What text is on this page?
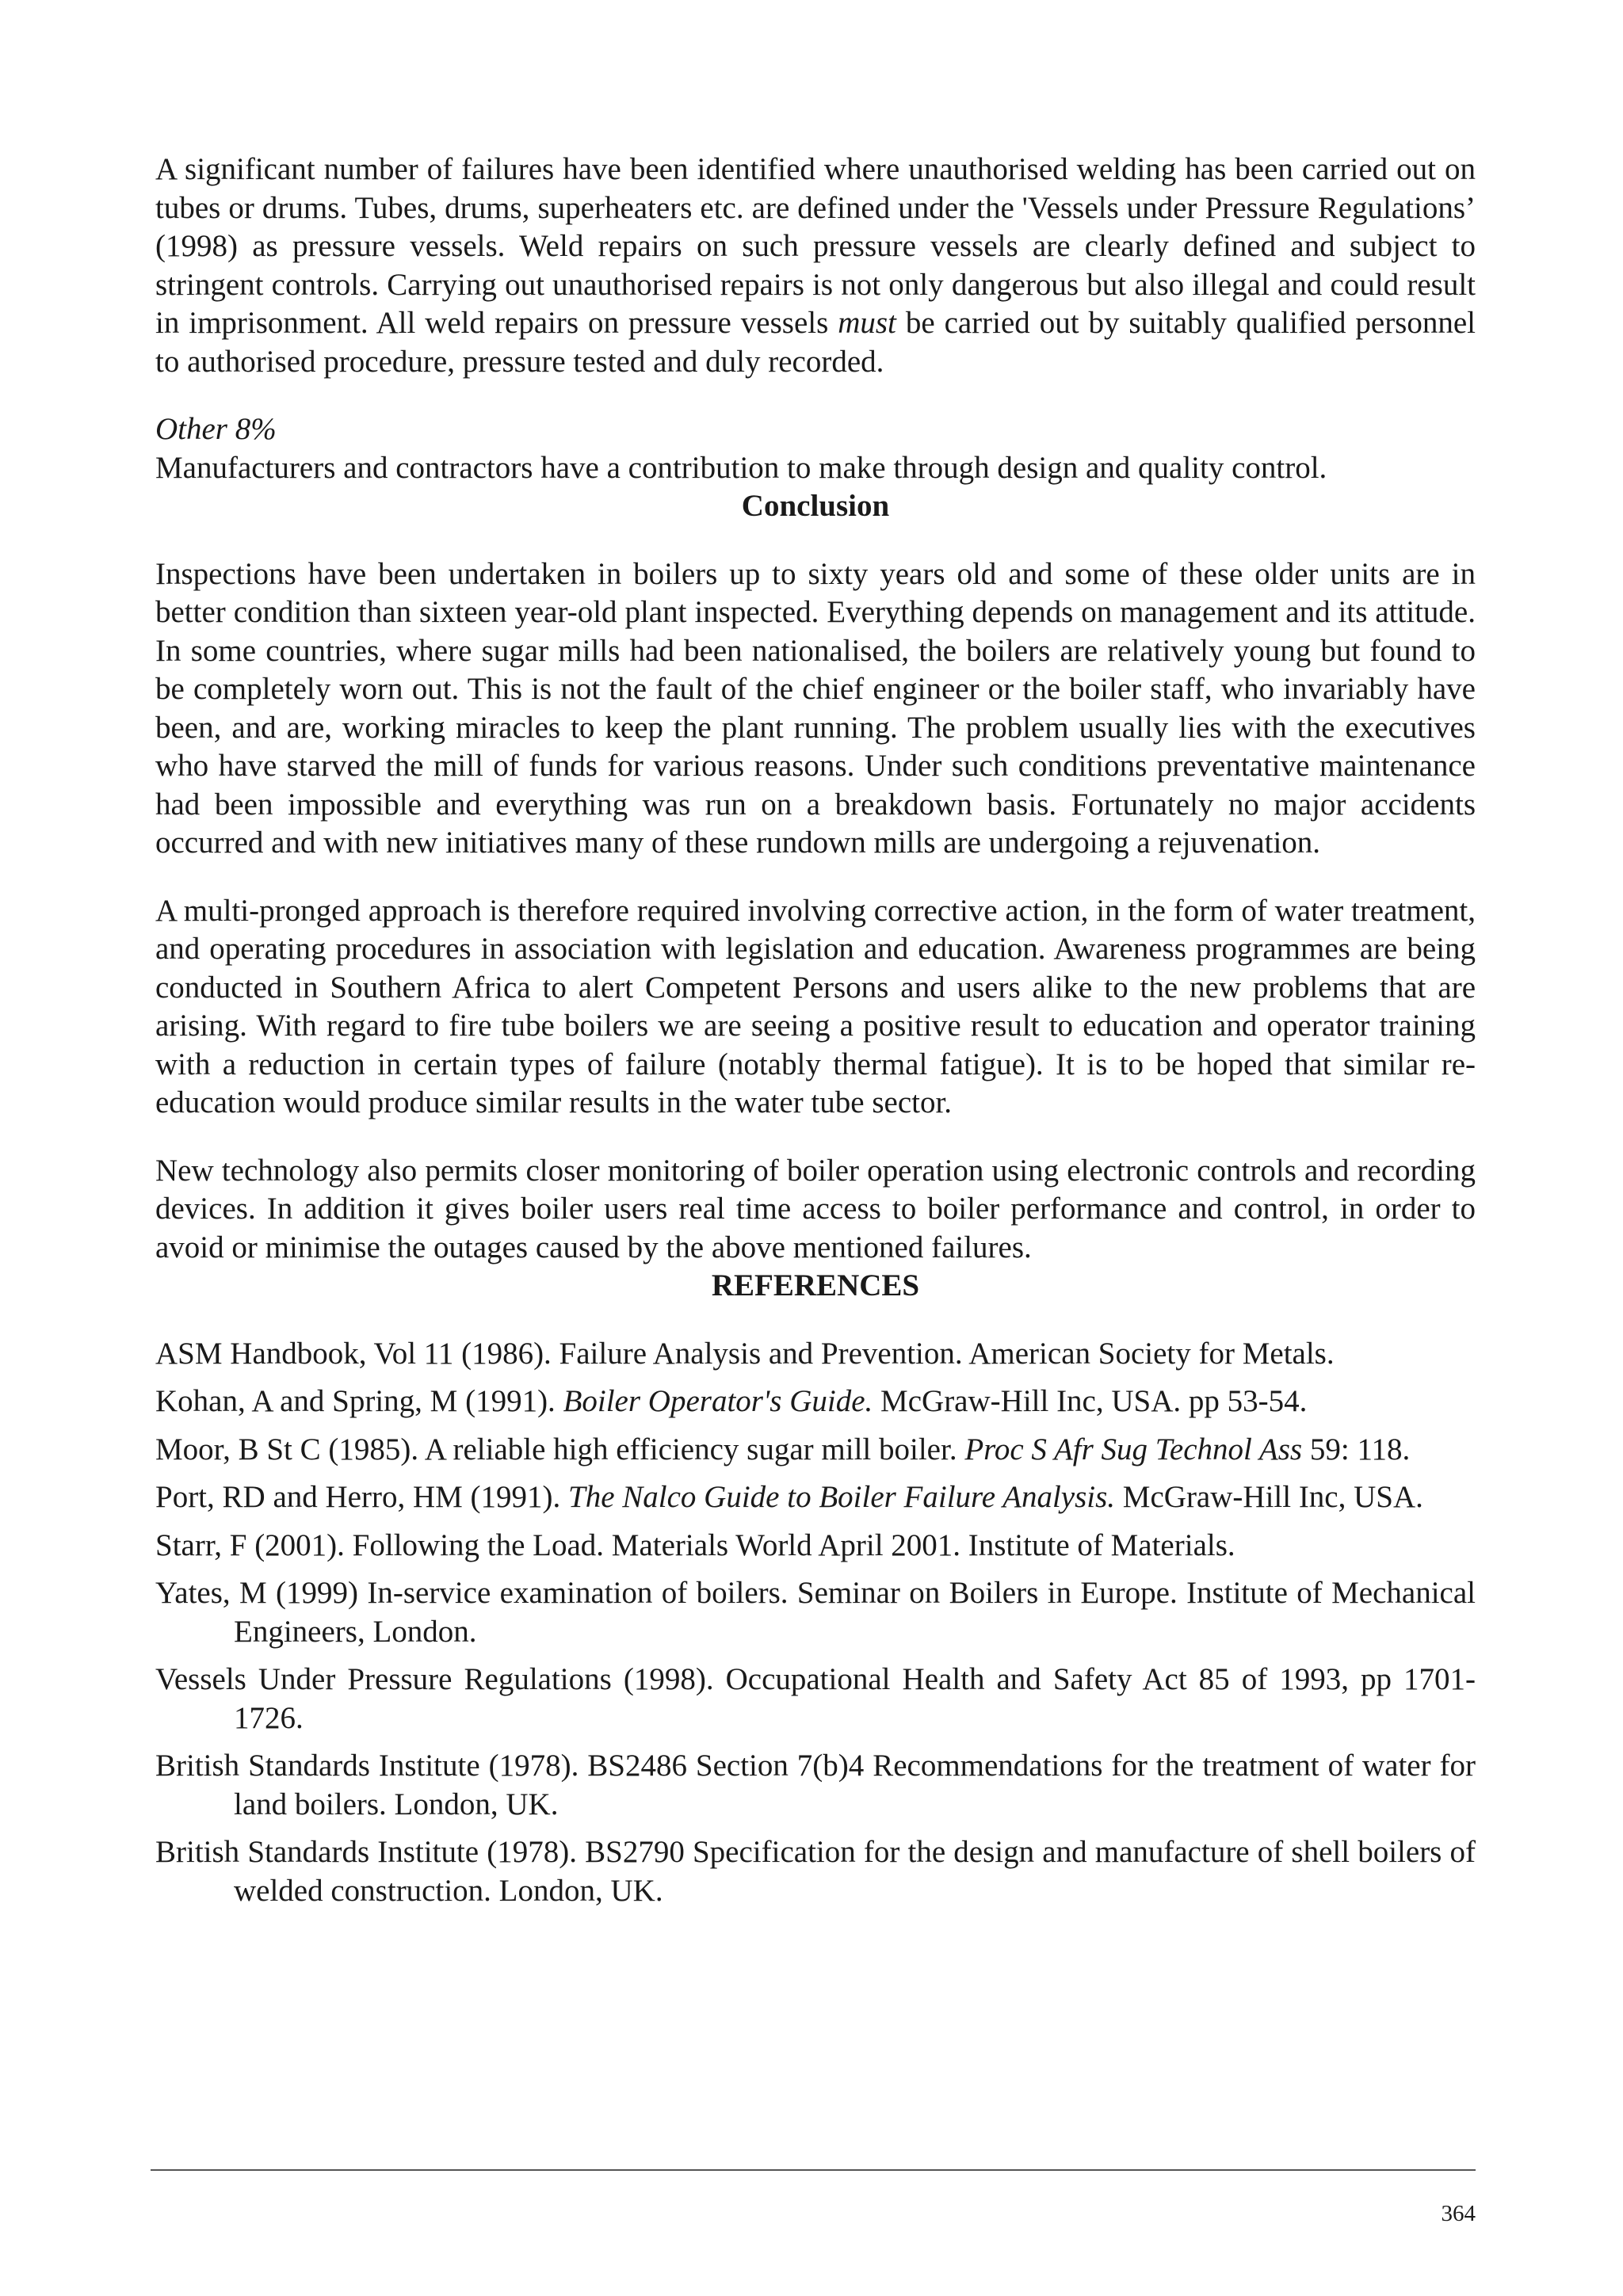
A significant number of failures have been identified where unauthorised welding has been carried out on tubes or drums. Tubes, drums, superheaters etc. are defined under the 'Vessels under Pressure Regulations’ (1998) as pressure vessels. Weld repairs on such pressure vessels are clearly defined and subject to stringent controls. Carrying out unauthorised repairs is not only dangerous but also illegal and could result in imprisonment. All weld repairs on pressure vessels must be carried out by suitably qualified personnel to authorised procedure, pressure tested and duly recorded.

Other 8%

Manufacturers and contractors have a contribution to make through design and quality control.

Conclusion

Inspections have been undertaken in boilers up to sixty years old and some of these older units are in better condition than sixteen year-old plant inspected. Everything depends on management and its attitude. In some countries, where sugar mills had been nationalised, the boilers are relatively young but found to be completely worn out. This is not the fault of the chief engineer or the boiler staff, who invariably have been, and are, working miracles to keep the plant running. The problem usually lies with the executives who have starved the mill of funds for various reasons. Under such conditions preventative maintenance had been impossible and everything was run on a breakdown basis. Fortunately no major accidents occurred and with new initiatives many of these rundown mills are undergoing a rejuvenation.

A multi-pronged approach is therefore required involving corrective action, in the form of water treatment, and operating procedures in association with legislation and education. Awareness programmes are being conducted in Southern Africa to alert Competent Persons and users alike to the new problems that are arising. With regard to fire tube boilers we are seeing a positive result to education and operator training with a reduction in certain types of failure (notably thermal fatigue). It is to be hoped that similar re-education would produce similar results in the water tube sector.

New technology also permits closer monitoring of boiler operation using electronic controls and recording devices. In addition it gives boiler users real time access to boiler performance and control, in order to avoid or minimise the outages caused by the above mentioned failures.

REFERENCES

ASM Handbook, Vol 11 (1986). Failure Analysis and Prevention. American Society for Metals.

Kohan, A and Spring, M (1991). Boiler Operator's Guide. McGraw-Hill Inc, USA. pp 53-54.

Moor, B St C (1985). A reliable high efficiency sugar mill boiler. Proc S Afr Sug Technol Ass 59: 118.

Port, RD and Herro, HM (1991). The Nalco Guide to Boiler Failure Analysis. McGraw-Hill Inc, USA.

Starr, F (2001). Following the Load. Materials World April 2001. Institute of Materials.

Yates, M (1999) In-service examination of boilers. Seminar on Boilers in Europe. Institute of Mechanical Engineers, London.

Vessels Under Pressure Regulations (1998). Occupational Health and Safety Act 85 of 1993, pp 1701-1726.

British Standards Institute (1978). BS2486 Section 7(b)4 Recommendations for the treatment of water for land boilers. London, UK.

British Standards Institute (1978). BS2790 Specification for the design and manufacture of shell boilers of welded construction. London, UK.

364
